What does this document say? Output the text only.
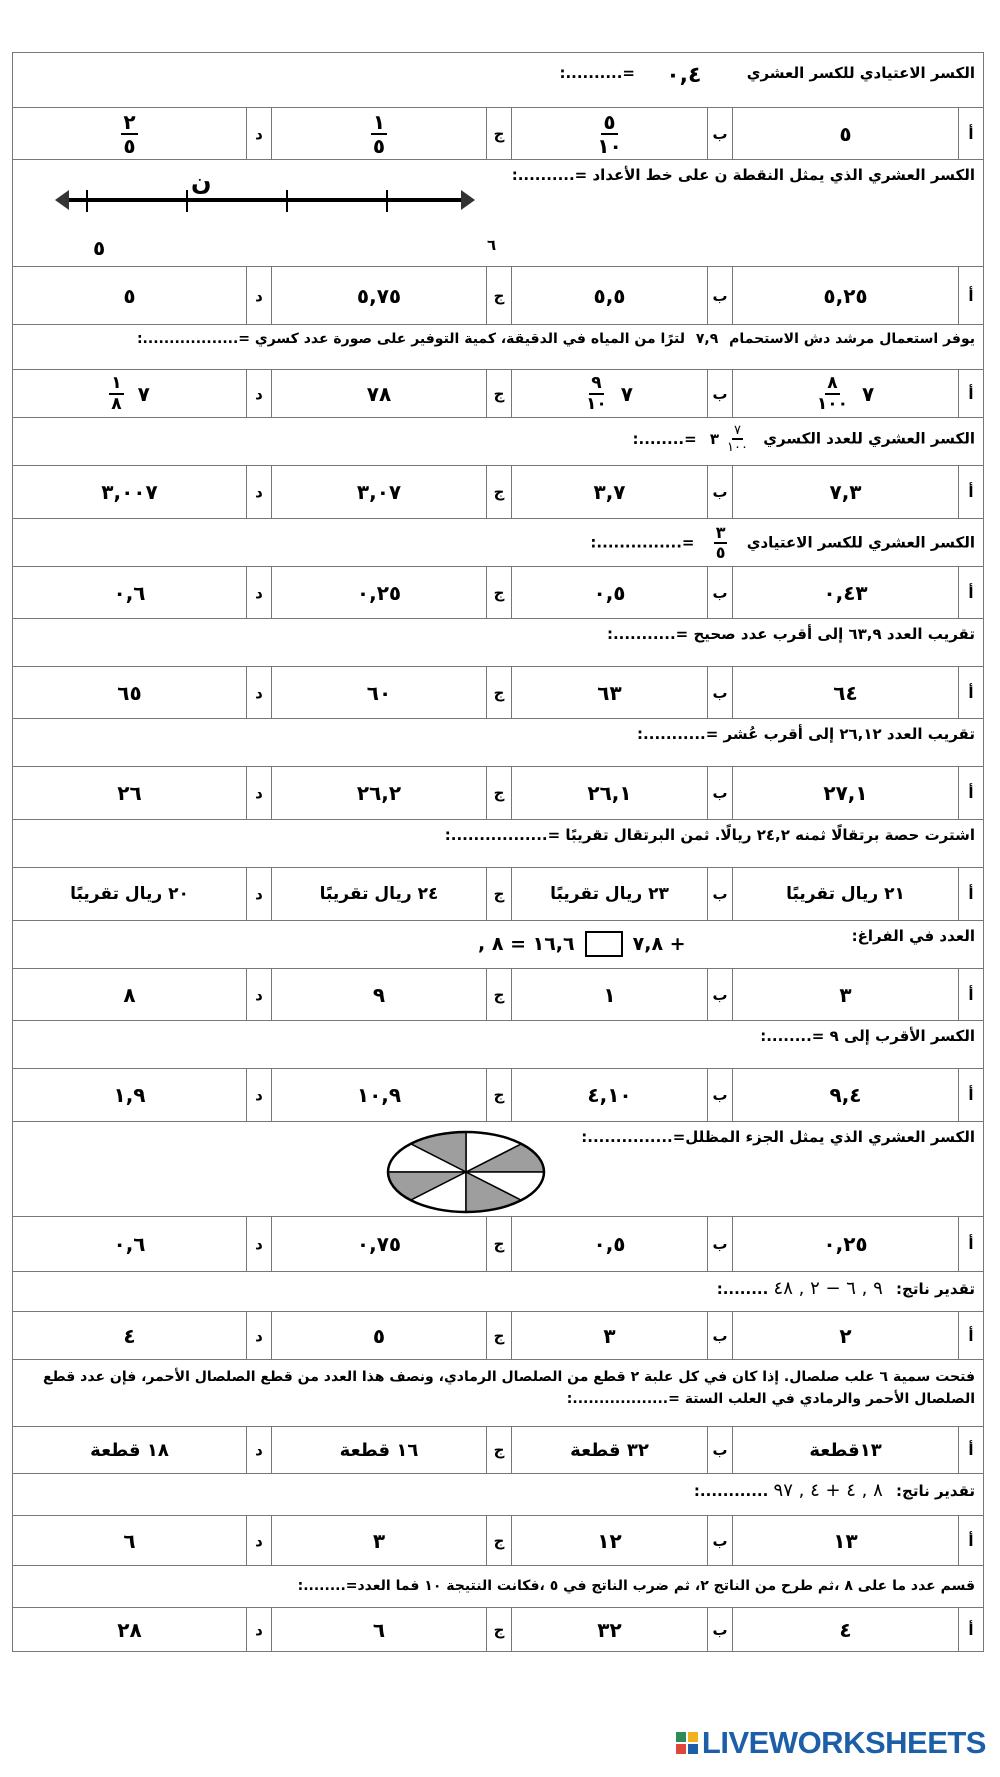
الكسر الاعتيادي للكسر العشري ٠,٤ =..........:
أ
٥
ب
$\frac{٥}{١٠}$
ج
$\frac{١}{٥}$
د
$\frac{٢}{٥}$
الكسر العشري الذي يمثل النقطة ن على خط الأعداد =..........:
ن
٥	٦
أ
٥,٢٥
ب
٥,٥
ج
٥,٧٥
د
٥
يوفر استعمال مرشد دش الاستحمام ٧,٩ لترًا من المياه في الدقيقة، كمية التوفير على صورة عدد كسري =..................:
أ
٧
$\frac{٨}{١٠٠}$
ب
٧
$\frac{٩}{١٠}$
ج
٧٨
د
٧
$\frac{١}{٨}$
الكسر العشري للعدد الكسري
$\frac{٧}{١٠٠}$
٣
=........:
أ
٧,٣
ب
٣,٧
ج
٣,٠٧
د
٣,٠٠٧
الكسر العشري للكسر الاعتيادي
$\frac{٣}{٥}$
=...............:
أ
٠,٤٣
ب
٠,٥
ج
٠,٢٥
د
٠,٦
تقريب العدد ٦٣,٩ إلى أقرب عدد صحيح =...........:
أ
٦٤
ب
٦٣
ج
٦٠
د
٦٥
تقريب العدد ٢٦,١٢ إلى أقرب عُشر =...........:
أ
٢٧,١
ب
٢٦,١
ج
٢٦,٢
د
٢٦
اشترت حصة برتقالًا ثمنه ٢٤,٢ ريالًا. ثمن البرتقال تقريبًا =.................:
أ
٢١ ريال تقريبًا
ب
٢٣ ريال تقريبًا
ج
٢٤ ريال تقريبًا
د
٢٠ ريال تقريبًا
العدد في الفراغ:
+ ٧,٨
١٦,٦ = ٨ ,
أ
٣
ب
١
ج
٩
د
٨
الكسر الأقرب إلى ٩ =........:
أ
٩,٤
ب
٤,١٠
ج
١٠,٩
د
١,٩
الكسر العشري الذي يمثل الجزء المظلل=...............:
أ
٠,٢٥
ب
٠,٥
ج
٠,٧٥
د
٠,٦
تقدير ناتج: ٩ , ٦ − ٢ , ٤٨ ........:
أ
٢
ب
٣
ج
٥
د
٤
فتحت سمية ٦ علب صلصال. إذا كان في كل علبة ٢ قطع من الصلصال الرمادي، ونصف هذا العدد من قطع الصلصال الأحمر، فإن عدد قطع
الصلصال الأحمر والرمادي في العلب الستة =..................:
أ
١٣قطعة
ب
٣٢ قطعة
ج
١٦ قطعة
د
١٨ قطعة
تقدير ناتج: ٨ , ٤ + ٤ , ٩٧ ............:
أ
١٣
ب
١٢
ج
٣
د
٦
قسم عدد ما على ٨ ،ثم طرح من الناتج ٢، ثم ضرب الناتج في ٥ ،فكانت النتيجة ١٠ فما العدد=........:
أ
٤
ب
٣٢
ج
٦
د
٢٨
LIVEWORKSHEETS
